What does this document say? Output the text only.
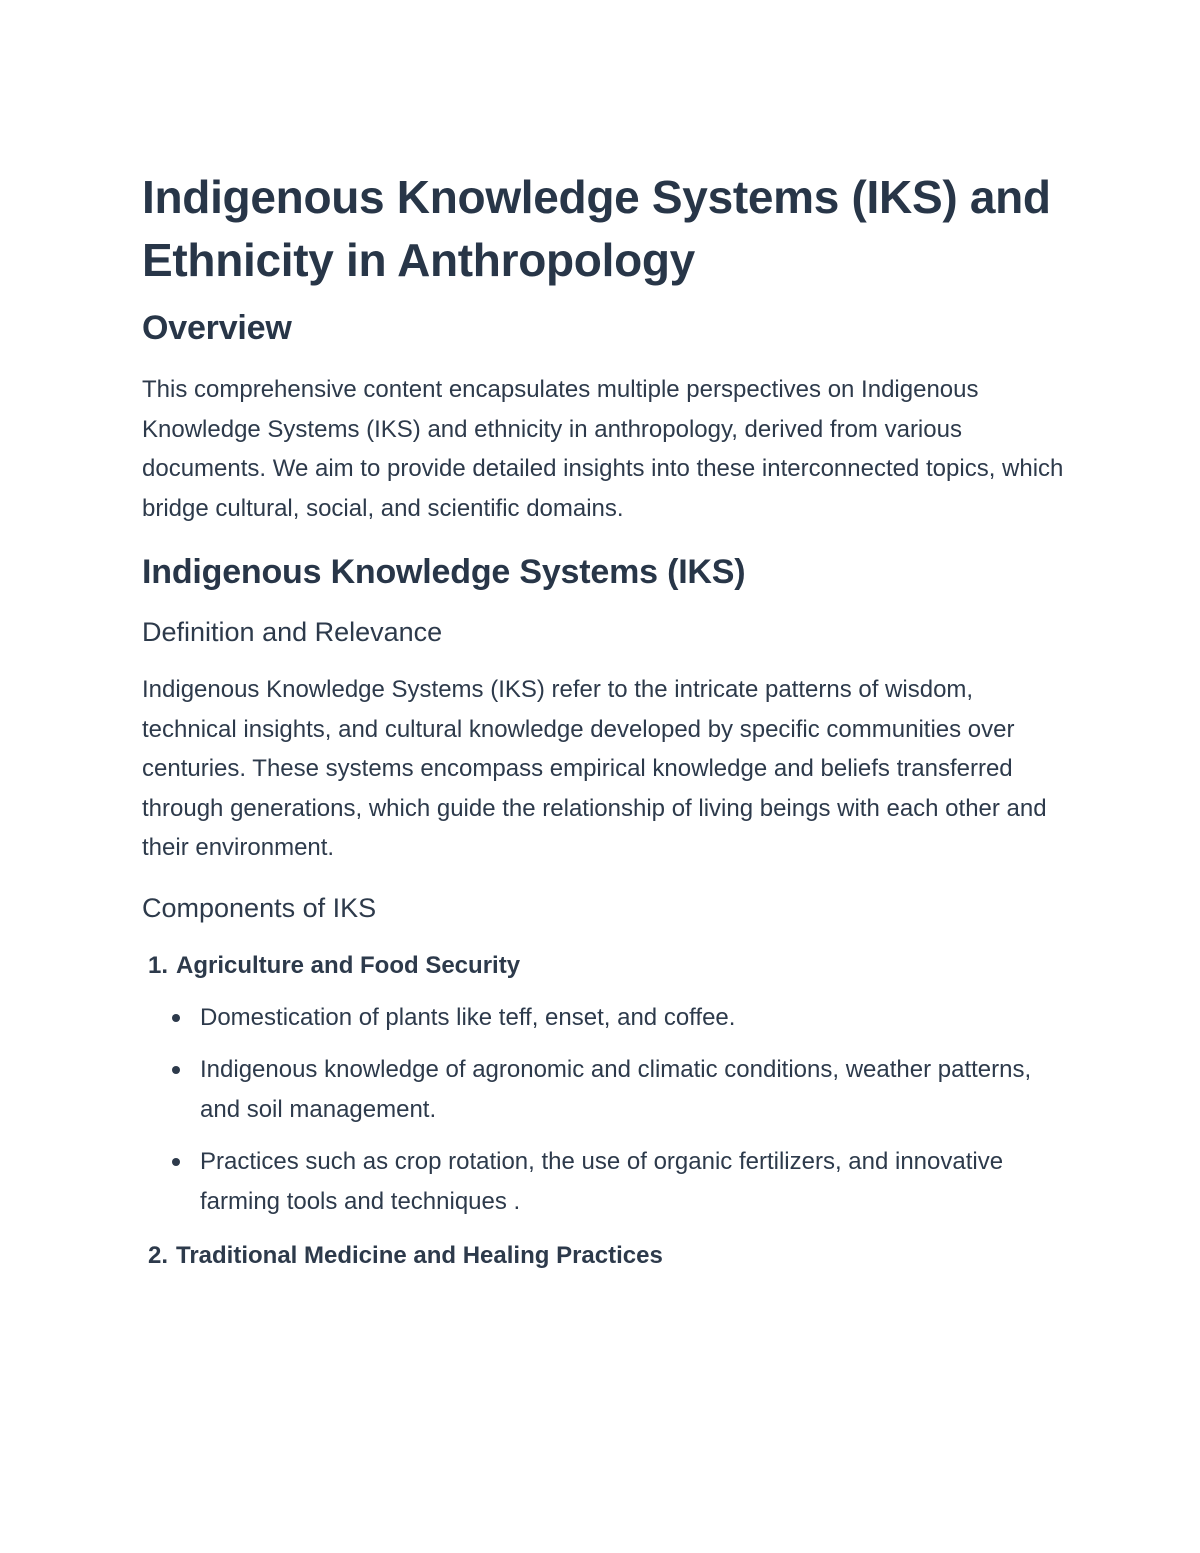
Indigenous Knowledge Systems (IKS) and Ethnicity in Anthropology
Overview

This comprehensive content encapsulates multiple perspectives on Indigenous Knowledge Systems (IKS) and ethnicity in anthropology, derived from various documents. We aim to provide detailed insights into these interconnected topics, which bridge cultural, social, and scientific domains.

Indigenous Knowledge Systems (IKS)
Definition and Relevance

Indigenous Knowledge Systems (IKS) refer to the intricate patterns of wisdom, technical insights, and cultural knowledge developed by specific communities over centuries. These systems encompass empirical knowledge and beliefs transferred through generations, which guide the relationship of living beings with each other and their environment.

Components of IKS
1. Agriculture and Food Security
Domestication of plants like teff, enset, and coffee.
Indigenous knowledge of agronomic and climatic conditions, weather patterns, and soil management.
Practices such as crop rotation, the use of organic fertilizers, and innovative farming tools and techniques .
2. Traditional Medicine and Healing Practices
